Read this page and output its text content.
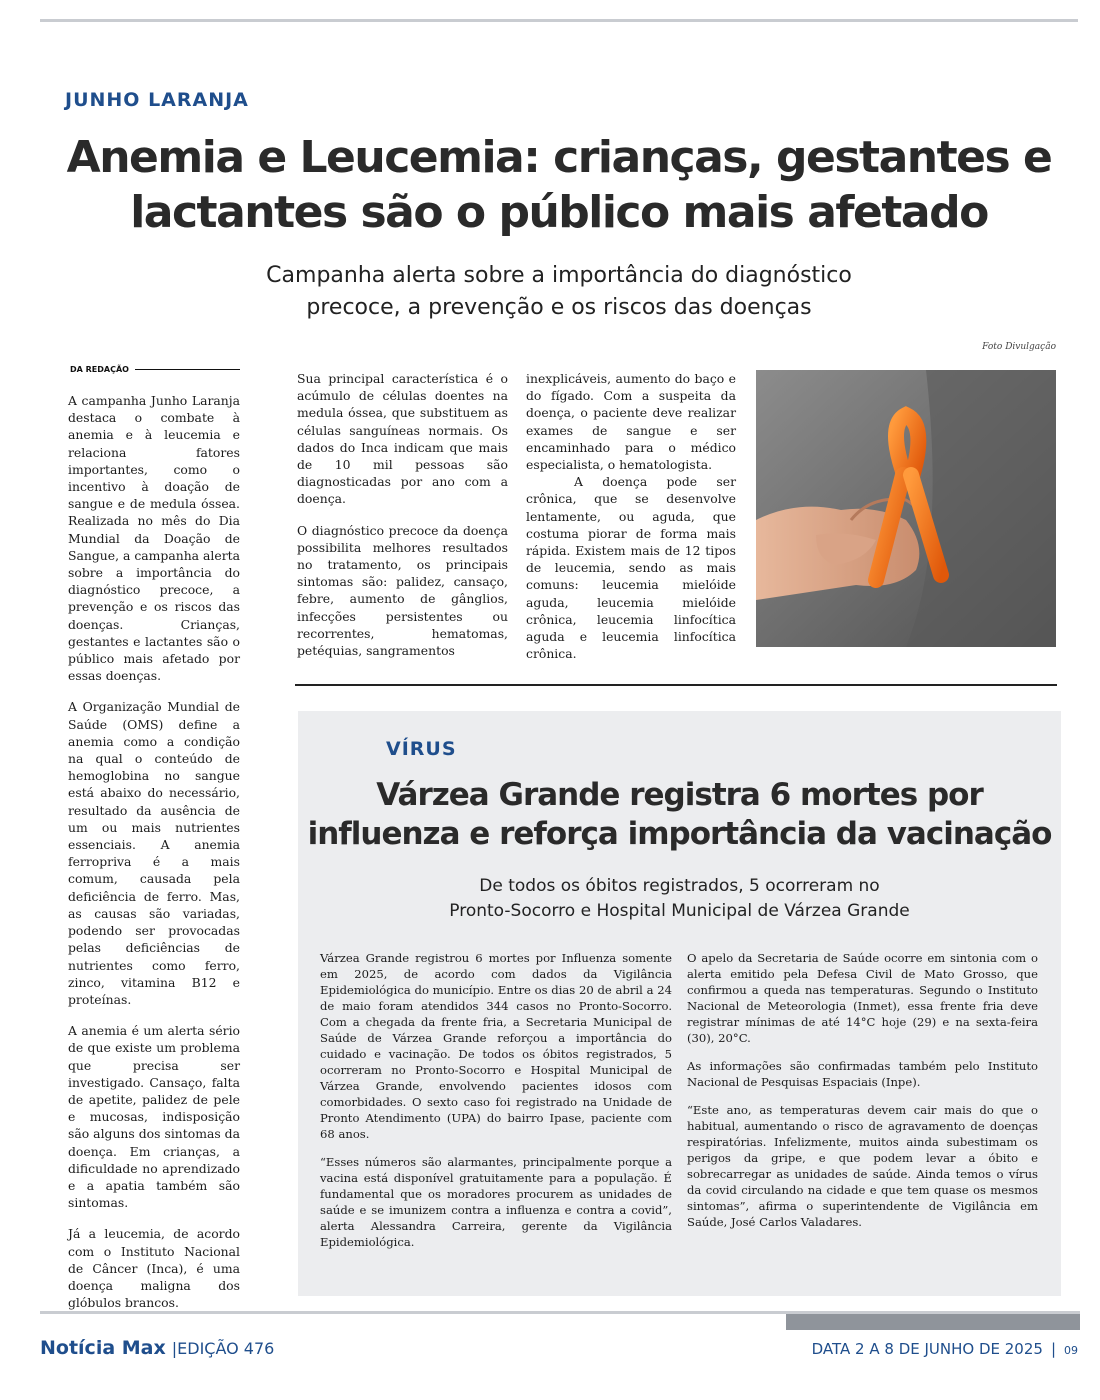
JUNHO LARANJA
Anemia e Leucemia: crianças, gestantes e
lactantes são o público mais afetado
Campanha alerta sobre a importância do diagnóstico
precoce, a prevenção e os riscos das doenças
Foto Divulgação
DA REDAÇÃO

A campanha Junho Laranja destaca o combate à anemia e à leucemia e relaciona fatores importantes, como o incentivo à doação de sangue e de medula óssea. Realizada no mês do Dia Mundial da Doação de Sangue, a campanha alerta sobre a importância do diagnóstico precoce, a prevenção e os riscos das doenças. Crianças, gestantes e lactantes são o público mais afetado por essas doenças.

A Organização Mundial de Saúde (OMS) define a anemia como a condição na qual o conteúdo de hemoglobina no sangue está abaixo do necessário, resultado da ausência de um ou mais nutrientes essenciais. A anemia ferropriva é a mais comum, causada pela deficiência de ferro. Mas, as causas são variadas, podendo ser provocadas pelas deficiências de nutrientes como ferro, zinco, vitamina B12 e proteínas.

A anemia é um alerta sério de que existe um problema que precisa ser investigado. Cansaço, falta de apetite, palidez de pele e mucosas, indisposição são alguns dos sintomas da doença. Em crianças, a dificuldade no aprendizado e a apatia também são sintomas.

Já a leucemia, de acordo com o Instituto Nacional de Câncer (Inca), é uma doença maligna dos glóbulos brancos.

Sua principal característica é o acúmulo de células doentes na medula óssea, que substituem as células sanguíneas normais. Os dados do Inca indicam que mais de 10 mil pessoas são diagnosticadas por ano com a doença.

O diagnóstico precoce da doença possibilita melhores resultados no tratamento, os principais sintomas são: palidez, cansaço, febre, aumento de gânglios, infecções persistentes ou recorrentes, hematomas, petéquias, sangramentos

inexplicáveis, aumento do baço e do fígado. Com a suspeita da doença, o paciente deve realizar exames de sangue e ser encaminhado para o médico especialista, o hematologista.

A doença pode ser crônica, que se desenvolve lentamente, ou aguda, que costuma piorar de forma mais rápida. Existem mais de 12 tipos de leucemia, sendo as mais comuns: leucemia mielóide aguda, leucemia mielóide crônica, leucemia linfocítica aguda e leucemia linfocítica crônica.

VÍRUS
Várzea Grande registra 6 mortes por
influenza e reforça importância da vacinação
De todos os óbitos registrados, 5 ocorreram no
Pronto-Socorro e Hospital Municipal de Várzea Grande

Várzea Grande registrou 6 mortes por Influenza somente em 2025, de acordo com dados da Vigilância Epidemiológica do município. Entre os dias 20 de abril a 24 de maio foram atendidos 344 casos no Pronto-Socorro. Com a chegada da frente fria, a Secretaria Municipal de Saúde de Várzea Grande reforçou a importância do cuidado e vacinação. De todos os óbitos registrados, 5 ocorreram no Pronto-Socorro e Hospital Municipal de Várzea Grande, envolvendo pacientes idosos com comorbidades. O sexto caso foi registrado na Unidade de Pronto Atendimento (UPA) do bairro Ipase, paciente com 68 anos.

“Esses números são alarmantes, principalmente porque a vacina está disponível gratuitamente para a população. É fundamental que os moradores procurem as unidades de saúde e se imunizem contra a influenza e contra a covid”, alerta Alessandra Carreira, gerente da Vigilância Epidemiológica.

O apelo da Secretaria de Saúde ocorre em sintonia com o alerta emitido pela Defesa Civil de Mato Grosso, que confirmou a queda nas temperaturas. Segundo o Instituto Nacional de Meteorologia (Inmet), essa frente fria deve registrar mínimas de até 14°C hoje (29) e na sexta-feira (30), 20°C.

As informações são confirmadas também pelo Instituto Nacional de Pesquisas Espaciais (Inpe).

“Este ano, as temperaturas devem cair mais do que o habitual, aumentando o risco de agravamento de doenças respiratórias. Infelizmente, muitos ainda subestimam os perigos da gripe, e que podem levar a óbito e sobrecarregar as unidades de saúde. Ainda temos o vírus da covid circulando na cidade e que tem quase os mesmos sintomas”, afirma o superintendente de Vigilância em Saúde, José Carlos Valadares.

Notícia Max |EDIÇÃO 476	DATA 2 A 8 DE JUNHO DE 2025 | 09
